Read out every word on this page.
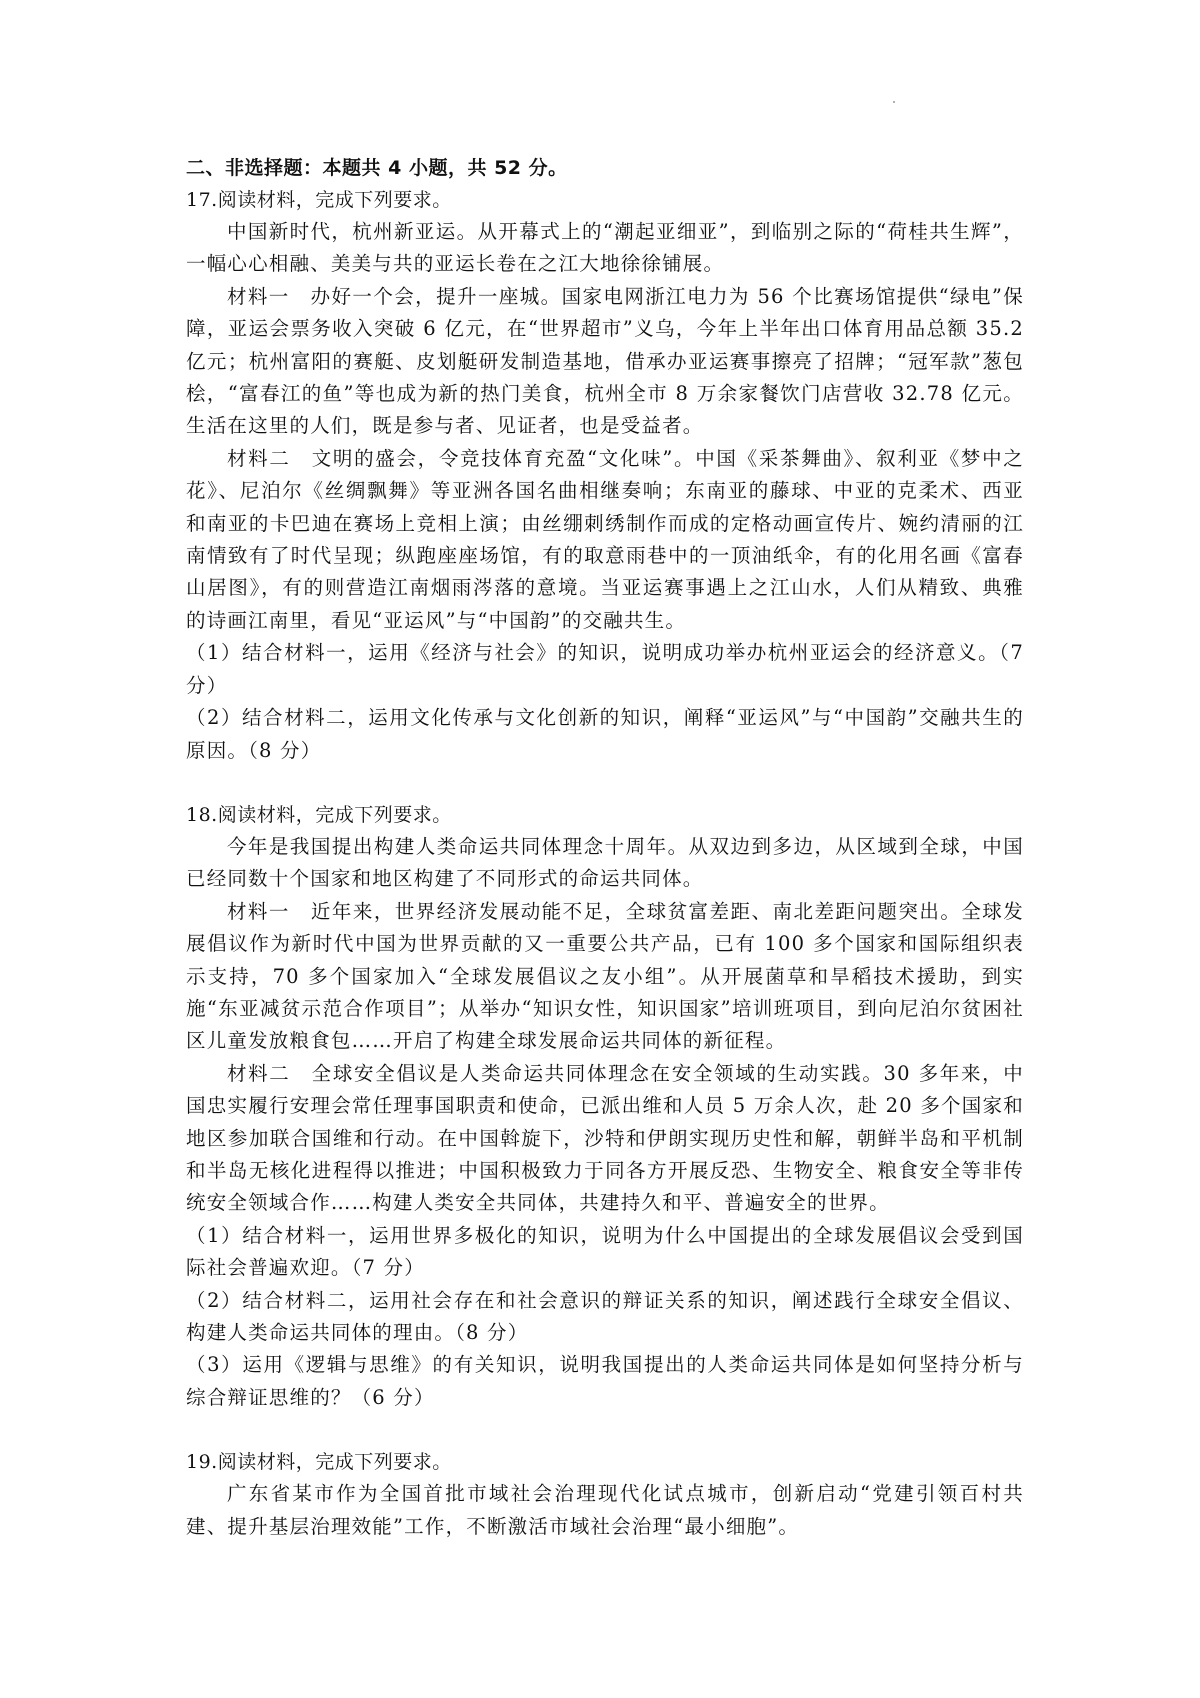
二、非选择题：本题共 4 小题，共 52 分。

17.阅读材料，完成下列要求。

中国新时代，杭州新亚运。从开幕式上的“潮起亚细亚”，到临别之际的“荷桂共生辉”，一幅心心相融、美美与共的亚运长卷在之江大地徐徐铺展。

材料一　办好一个会，提升一座城。国家电网浙江电力为 56 个比赛场馆提供“绿电”保障，亚运会票务收入突破 6 亿元，在“世界超市”义乌，今年上半年出口体育用品总额 35.2 亿元；杭州富阳的赛艇、皮划艇研发制造基地，借承办亚运赛事擦亮了招牌；“冠军款”葱包桧，“富春江的鱼”等也成为新的热门美食，杭州全市 8 万余家餐饮门店营收 32.78 亿元。生活在这里的人们，既是参与者、见证者，也是受益者。

材料二　文明的盛会，令竞技体育充盈“文化味”。中国《采茶舞曲》、叙利亚《梦中之花》、尼泊尔《丝绸飘舞》等亚洲各国名曲相继奏响；东南亚的藤球、中亚的克柔术、西亚和南亚的卡巴迪在赛场上竞相上演；由丝绷刺绣制作而成的定格动画宣传片、婉约清丽的江南情致有了时代呈现；纵跑座座场馆，有的取意雨巷中的一顶油纸伞，有的化用名画《富春山居图》，有的则营造江南烟雨涔落的意境。当亚运赛事遇上之江山水，人们从精致、典雅的诗画江南里，看见“亚运风”与“中国韵”的交融共生。

（1）结合材料一，运用《经济与社会》的知识，说明成功举办杭州亚运会的经济意义。（7 分）

（2）结合材料二，运用文化传承与文化创新的知识，阐释“亚运风”与“中国韵”交融共生的原因。（8 分）

18.阅读材料，完成下列要求。

今年是我国提出构建人类命运共同体理念十周年。从双边到多边，从区域到全球，中国已经同数十个国家和地区构建了不同形式的命运共同体。

材料一　近年来，世界经济发展动能不足，全球贫富差距、南北差距问题突出。全球发展倡议作为新时代中国为世界贡献的又一重要公共产品，已有 100 多个国家和国际组织表示支持，70 多个国家加入“全球发展倡议之友小组”。从开展菌草和旱稻技术援助，到实施“东亚减贫示范合作项目”；从举办“知识女性，知识国家”培训班项目，到向尼泊尔贫困社区儿童发放粮食包……开启了构建全球发展命运共同体的新征程。

材料二　全球安全倡议是人类命运共同体理念在安全领域的生动实践。30 多年来，中国忠实履行安理会常任理事国职责和使命，已派出维和人员 5 万余人次，赴 20 多个国家和地区参加联合国维和行动。在中国斡旋下，沙特和伊朗实现历史性和解，朝鲜半岛和平机制和半岛无核化进程得以推进；中国积极致力于同各方开展反恐、生物安全、粮食安全等非传统安全领域合作……构建人类安全共同体，共建持久和平、普遍安全的世界。

（1）结合材料一，运用世界多极化的知识，说明为什么中国提出的全球发展倡议会受到国际社会普遍欢迎。（7 分）

（2）结合材料二，运用社会存在和社会意识的辩证关系的知识，阐述践行全球安全倡议、构建人类命运共同体的理由。（8 分）

（3）运用《逻辑与思维》的有关知识，说明我国提出的人类命运共同体是如何坚持分析与综合辩证思维的？（6 分）

19.阅读材料，完成下列要求。

广东省某市作为全国首批市域社会治理现代化试点城市，创新启动“党建引领百村共建、提升基层治理效能”工作，不断激活市域社会治理“最小细胞”。
